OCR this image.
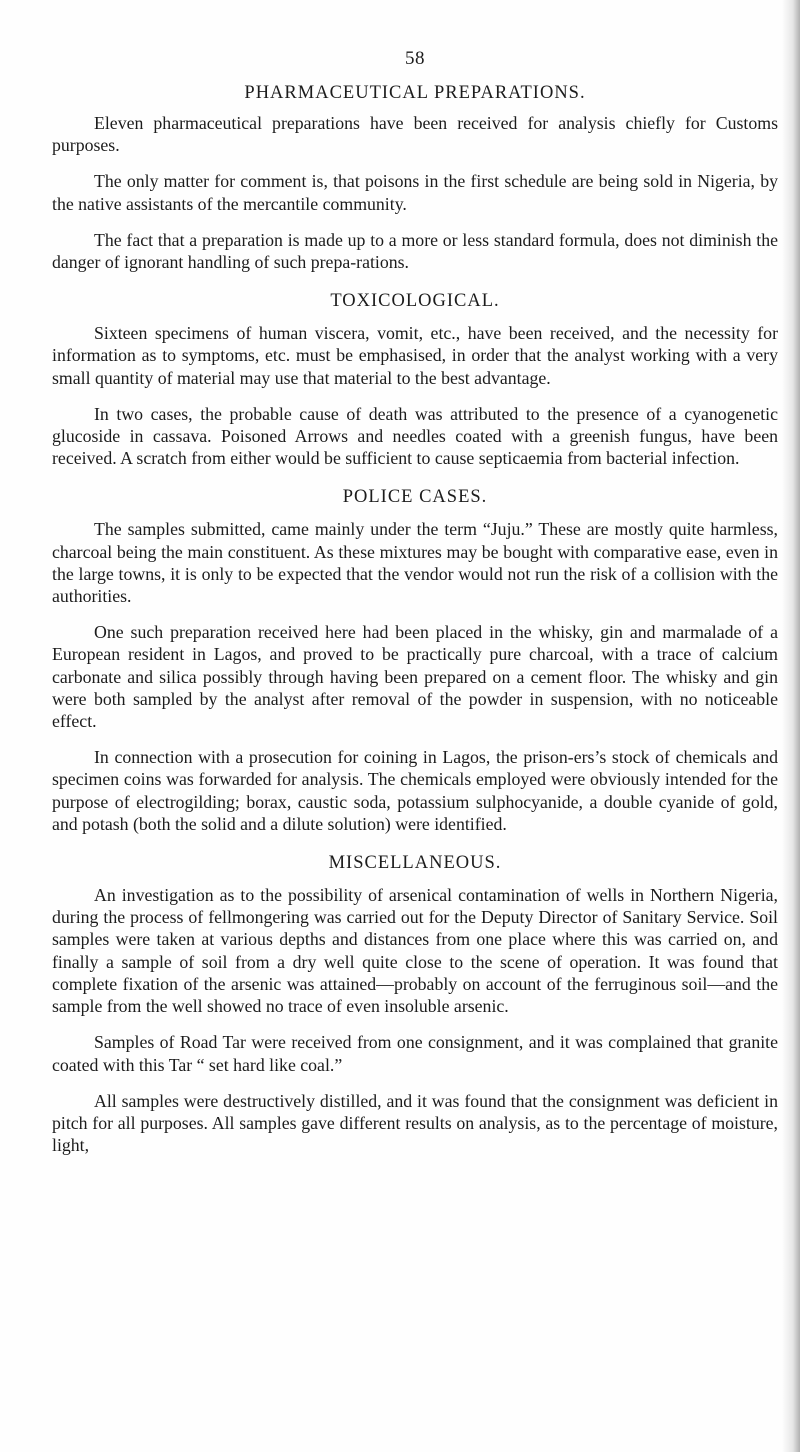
58
PHARMACEUTICAL PREPARATIONS.

Eleven pharmaceutical preparations have been received for analysis chiefly for Customs purposes.

The only matter for comment is, that poisons in the first schedule are being sold in Nigeria, by the native assistants of the mercantile community.

The fact that a preparation is made up to a more or less standard formula, does not diminish the danger of ignorant handling of such prepa-rations.

TOXICOLOGICAL.

Sixteen specimens of human viscera, vomit, etc., have been received, and the necessity for information as to symptoms, etc. must be emphasised, in order that the analyst working with a very small quantity of material may use that material to the best advantage.

In two cases, the probable cause of death was attributed to the presence of a cyanogenetic glucoside in cassava. Poisoned Arrows and needles coated with a greenish fungus, have been received. A scratch from either would be sufficient to cause septicaemia from bacterial infection.

POLICE CASES.

The samples submitted, came mainly under the term “Juju.” These are mostly quite harmless, charcoal being the main constituent. As these mixtures may be bought with comparative ease, even in the large towns, it is only to be expected that the vendor would not run the risk of a collision with the authorities.

One such preparation received here had been placed in the whisky, gin and marmalade of a European resident in Lagos, and proved to be practically pure charcoal, with a trace of calcium carbonate and silica possibly through having been prepared on a cement floor. The whisky and gin were both sampled by the analyst after removal of the powder in suspension, with no noticeable effect.

In connection with a prosecution for coining in Lagos, the prison-ers’s stock of chemicals and specimen coins was forwarded for analysis. The chemicals employed were obviously intended for the purpose of electrogilding; borax, caustic soda, potassium sulphocyanide, a double cyanide of gold, and potash (both the solid and a dilute solution) were identified.

MISCELLANEOUS.

An investigation as to the possibility of arsenical contamination of wells in Northern Nigeria, during the process of fellmongering was carried out for the Deputy Director of Sanitary Service. Soil samples were taken at various depths and distances from one place where this was carried on, and finally a sample of soil from a dry well quite close to the scene of operation. It was found that complete fixation of the arsenic was attained—probably on account of the ferruginous soil—and the sample from the well showed no trace of even insoluble arsenic.

Samples of Road Tar were received from one consignment, and it was complained that granite coated with this Tar “ set hard like coal.”

All samples were destructively distilled, and it was found that the consignment was deficient in pitch for all purposes. All samples gave different results on analysis, as to the percentage of moisture, light,
